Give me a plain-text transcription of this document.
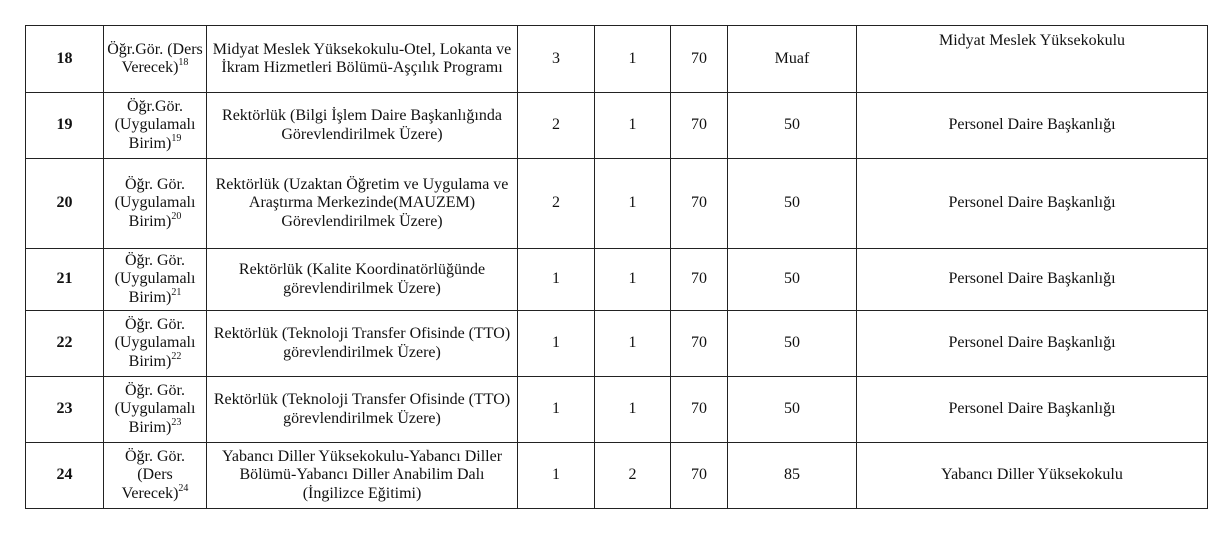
18	Öğr.Gör. (Ders Verecek)$^{18}$	Midyat Meslek Yüksekokulu-Otel, Lokanta ve İkram Hizmetleri Bölümü-Aşçılık Programı	3	1	70	Muaf	Midyat Meslek Yüksekokulu
19	Öğr.Gör. (Uygulamalı Birim)$^{19}$	Rektörlük (Bilgi İşlem Daire Başkanlığında Görevlendirilmek Üzere)	2	1	70	50	Personel Daire Başkanlığı
20	Öğr. Gör. (Uygulamalı Birim)$^{20}$	Rektörlük (Uzaktan Öğretim ve Uygulama ve Araştırma Merkezinde(MAUZEM) Görevlendirilmek Üzere)	2	1	70	50	Personel Daire Başkanlığı
21	Öğr. Gör. (Uygulamalı Birim)$^{21}$	Rektörlük (Kalite Koordinatörlüğünde görevlendirilmek Üzere)	1	1	70	50	Personel Daire Başkanlığı
22	Öğr. Gör. (Uygulamalı Birim)$^{22}$	Rektörlük (Teknoloji Transfer Ofisinde (TTO) görevlendirilmek Üzere)	1	1	70	50	Personel Daire Başkanlığı
23	Öğr. Gör. (Uygulamalı Birim)$^{23}$	Rektörlük (Teknoloji Transfer Ofisinde (TTO) görevlendirilmek Üzere)	1	1	70	50	Personel Daire Başkanlığı
24	Öğr. Gör. (Ders Verecek)$^{24}$	Yabancı Diller Yüksekokulu-Yabancı Diller Bölümü-Yabancı Diller Anabilim Dalı (İngilizce Eğitimi)	1	2	70	85	Yabancı Diller Yüksekokulu
